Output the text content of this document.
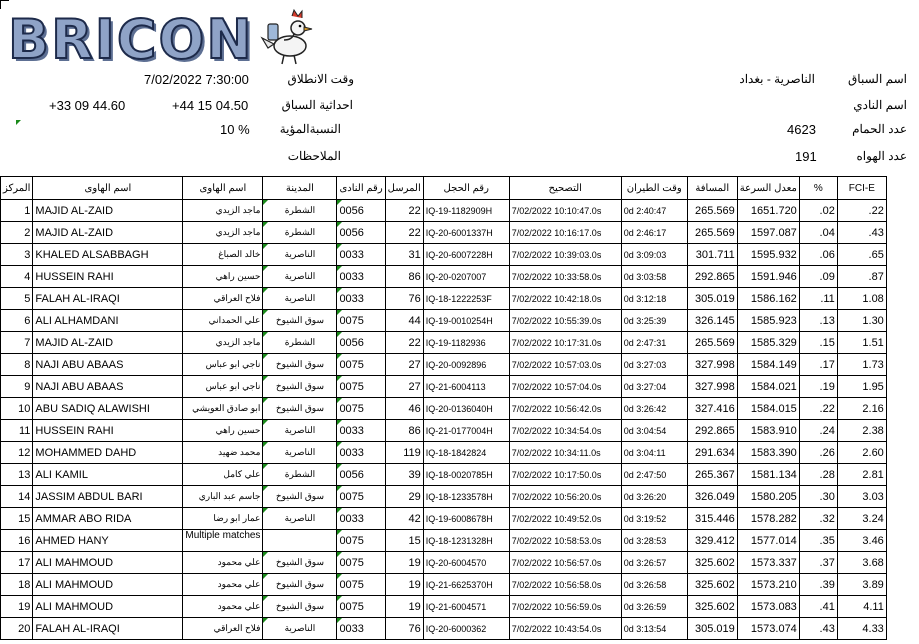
BRICON
7/02/2022 7:30:00	وقت الانطلاق	الناصرية - بغداد	اسم السباق
+33 09 44.60	+44 15 04.50	احداثية السباق	اسم النادي
10 %	النسبةالمؤية	4623	عدد الحمام
الملاحظات	191	عدد الهواه
المركز	اسم الهاوى	اسم الهاوى	المدينة	رقم النادى	المرسل	رقم الحجل	التصحيح	وقت الطيران	المسافة	معدل السرعة	%	FCI-E
1	MAJID AL-ZAID	ماجد الزيدي	الشطرة	0056	22	IQ-19-1182909H	7/02/2022 10:10:47.0s	0d 2:40:47	265.569	1651.720	.02	.22
2	MAJID AL-ZAID	ماجد الزيدي	الشطرة	0056	22	IQ-20-6001337H	7/02/2022 10:16:17.0s	0d 2:46:17	265.569	1597.087	.04	.43
3	KHALED ALSABBAGH	خالد الصباغ	الناصرية	0033	31	IQ-20-6007228H	7/02/2022 10:39:03.0s	0d 3:09:03	301.711	1595.932	.06	.65
4	HUSSEIN RAHI	حسين راهي	الناصرية	0033	86	IQ-20-0207007	7/02/2022 10:33:58.0s	0d 3:03:58	292.865	1591.946	.09	.87
5	FALAH AL-IRAQI	فلاح العراقي	الناصرية	0033	76	IQ-18-1222253F	7/02/2022 10:42:18.0s	0d 3:12:18	305.019	1586.162	.11	1.08
6	ALI ALHAMDANI	علي الحمداني	سوق الشيوخ	0075	44	IQ-19-0010254H	7/02/2022 10:55:39.0s	0d 3:25:39	326.145	1585.923	.13	1.30
7	MAJID AL-ZAID	ماجد الزيدي	الشطرة	0056	22	IQ-19-1182936	7/02/2022 10:17:31.0s	0d 2:47:31	265.569	1585.329	.15	1.51
8	NAJI ABU ABAAS	ناجي ابو عباس	سوق الشيوخ	0075	27	IQ-20-0092896	7/02/2022 10:57:03.0s	0d 3:27:03	327.998	1584.149	.17	1.73
9	NAJI ABU ABAAS	ناجي ابو عباس	سوق الشيوخ	0075	27	IQ-21-6004113	7/02/2022 10:57:04.0s	0d 3:27:04	327.998	1584.021	.19	1.95
10	ABU SADIQ ALAWISHI	ابو صادق العويشي	سوق الشيوخ	0075	46	IQ-20-0136040H	7/02/2022 10:56:42.0s	0d 3:26:42	327.416	1584.015	.22	2.16
11	HUSSEIN RAHI	حسين راهي	الناصرية	0033	86	IQ-21-0177004H	7/02/2022 10:34:54.0s	0d 3:04:54	292.865	1583.910	.24	2.38
12	MOHAMMED DAHD	محمد ضهيد	الناصرية	0033	119	IQ-18-1842824	7/02/2022 10:34:11.0s	0d 3:04:11	291.634	1583.390	.26	2.60
13	ALI KAMIL	علي كامل	الشطرة	0056	39	IQ-18-0020785H	7/02/2022 10:17:50.0s	0d 2:47:50	265.367	1581.134	.28	2.81
14	JASSIM ABDUL BARI	جاسم عبد الباري	سوق الشيوخ	0075	29	IQ-18-1233578H	7/02/2022 10:56:20.0s	0d 3:26:20	326.049	1580.205	.30	3.03
15	AMMAR ABO RIDA	عمار ابو رضا	الناصرية	0033	42	IQ-19-6008678H	7/02/2022 10:49:52.0s	0d 3:19:52	315.446	1578.282	.32	3.24
16	AHMED HANY	Multiple matches		0075	15	IQ-18-1231328H	7/02/2022 10:58:53.0s	0d 3:28:53	329.412	1577.014	.35	3.46
17	ALI MAHMOUD	علي محمود	سوق الشيوخ	0075	19	IQ-20-6004570	7/02/2022 10:56:57.0s	0d 3:26:57	325.602	1573.337	.37	3.68
18	ALI MAHMOUD	علي محمود	سوق الشيوخ	0075	19	IQ-21-6625370H	7/02/2022 10:56:58.0s	0d 3:26:58	325.602	1573.210	.39	3.89
19	ALI MAHMOUD	علي محمود	سوق الشيوخ	0075	19	IQ-21-6004571	7/02/2022 10:56:59.0s	0d 3:26:59	325.602	1573.083	.41	4.11
20	FALAH AL-IRAQI	فلاح العراقي	الناصرية	0033	76	IQ-20-6000362	7/02/2022 10:43:54.0s	0d 3:13:54	305.019	1573.074	.43	4.33
